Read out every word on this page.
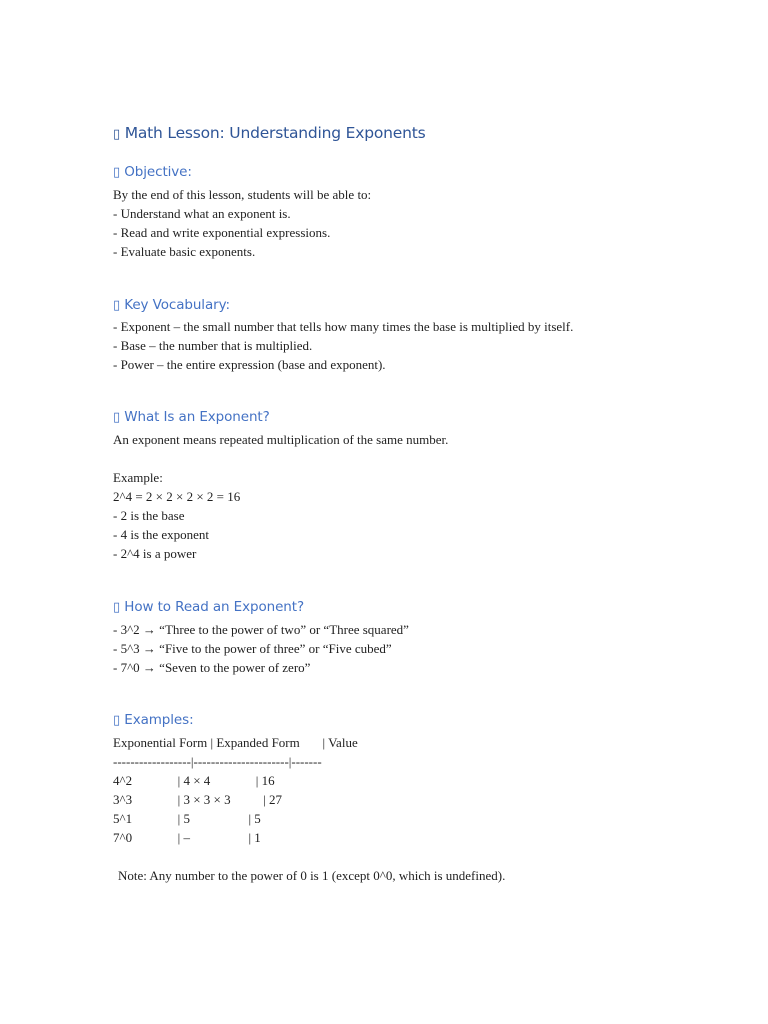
▯ Math Lesson: Understanding Exponents
▯ Objective:
By the end of this lesson, students will be able to:
- Understand what an exponent is.
- Read and write exponential expressions.
- Evaluate basic exponents.
▯ Key Vocabulary:
- Exponent – the small number that tells how many times the base is multiplied by itself.
- Base – the number that is multiplied.
- Power – the entire expression (base and exponent).
▯ What Is an Exponent?
An exponent means repeated multiplication of the same number.
Example:
2^4 = 2 × 2 × 2 × 2 = 16
- 2 is the base
- 4 is the exponent
- 2^4 is a power
▯ How to Read an Exponent?
- 3^2 → “Three to the power of two” or “Three squared”
- 5^3 → “Five to the power of three” or “Five cubed”
- 7^0 → “Seven to the power of zero”
▯ Examples:
Exponential Form | Expanded Form       | Value
------------------|----------------------|-------
4^2              | 4 × 4              | 16
3^3              | 3 × 3 × 3          | 27
5^1              | 5                  | 5
7^0              | –                  | 1
Note: Any number to the power of 0 is 1 (except 0^0, which is undefined).
